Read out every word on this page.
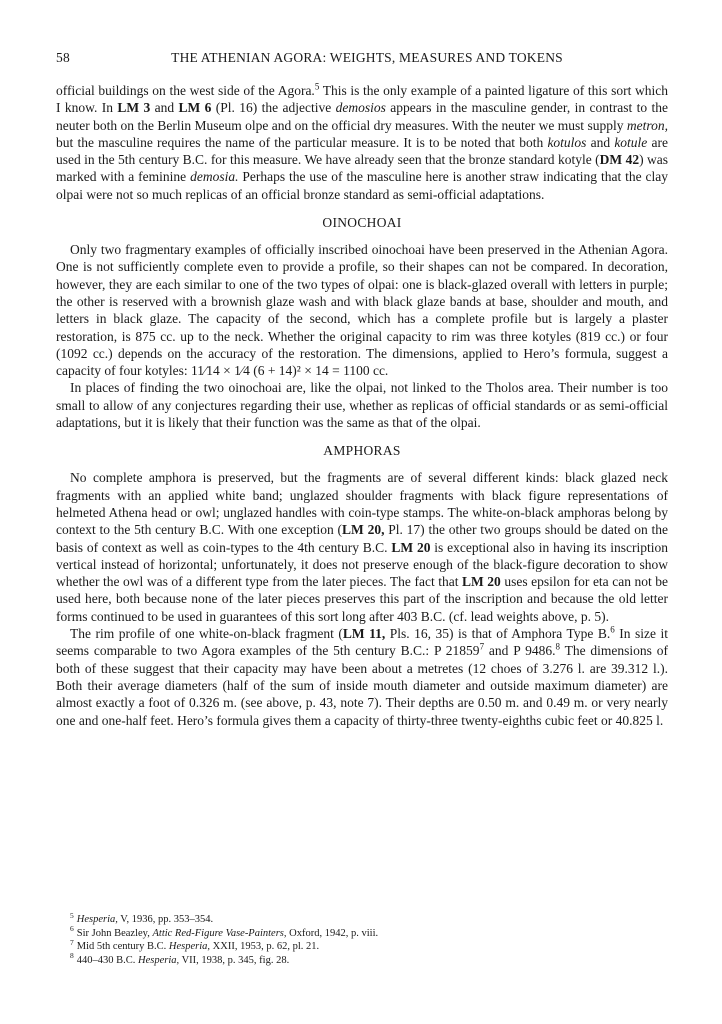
58	THE ATHENIAN AGORA: WEIGHTS, MEASURES AND TOKENS

official buildings on the west side of the Agora.$^5$ This is the only example of a painted ligature of this sort which I know. In LM 3 and LM 6 (Pl. 16) the adjective demosios appears in the masculine gender, in contrast to the neuter both on the Berlin Museum olpe and on the official dry measures. With the neuter we must supply metron, but the masculine requires the name of the particular measure. It is to be noted that both kotulos and kotule are used in the 5th century B.C. for this measure. We have already seen that the bronze standard kotyle (DM 42) was marked with a feminine demosia. Perhaps the use of the masculine here is another straw indicating that the clay olpai were not so much replicas of an official bronze standard as semi-official adaptations.

OINOCHOAI

Only two fragmentary examples of officially inscribed oinochoai have been preserved in the Athenian Agora. One is not sufficiently complete even to provide a profile, so their shapes can not be compared. In decoration, however, they are each similar to one of the two types of olpai: one is black-glazed overall with letters in purple; the other is reserved with a brownish glaze wash and with black glaze bands at base, shoulder and mouth, and letters in black glaze. The capacity of the second, which has a complete profile but is largely a plaster restoration, is 875 cc. up to the neck. Whether the original capacity to rim was three kotyles (819 cc.) or four (1092 cc.) depends on the accuracy of the restoration. The dimensions, applied to Hero’s formula, suggest a capacity of four kotyles: 11⁄14 × 1⁄4 (6 + 14)² × 14 = 1100 cc.

In places of finding the two oinochoai are, like the olpai, not linked to the Tholos area. Their number is too small to allow of any conjectures regarding their use, whether as replicas of official standards or as semi-official adaptations, but it is likely that their function was the same as that of the olpai.

AMPHORAS

No complete amphora is preserved, but the fragments are of several different kinds: black glazed neck fragments with an applied white band; unglazed shoulder fragments with black figure representations of helmeted Athena head or owl; unglazed handles with coin-type stamps. The white-on-black amphoras belong by context to the 5th century B.C. With one exception (LM 20, Pl. 17) the other two groups should be dated on the basis of context as well as coin-types to the 4th century B.C. LM 20 is exceptional also in having its inscription vertical instead of horizontal; unfortunately, it does not preserve enough of the black-figure decoration to show whether the owl was of a different type from the later pieces. The fact that LM 20 uses epsilon for eta can not be used here, both because none of the later pieces preserves this part of the inscription and because the old letter forms continued to be used in guarantees of this sort long after 403 B.C. (cf. lead weights above, p. 5).

The rim profile of one white-on-black fragment (LM 11, Pls. 16, 35) is that of Amphora Type B.$^6$ In size it seems comparable to two Agora examples of the 5th century B.C.: P 21859$^7$ and P 9486.$^8$ The dimensions of both of these suggest that their capacity may have been about a metretes (12 choes of 3.276 l. are 39.312 l.). Both their average diameters (half of the sum of inside mouth diameter and outside maximum diameter) are almost exactly a foot of 0.326 m. (see above, p. 43, note 7). Their depths are 0.50 m. and 0.49 m. or very nearly one and one-half feet. Hero’s formula gives them a capacity of thirty-three twenty-eighths cubic feet or 40.825 l.

$^5$ Hesperia, V, 1936, pp. 353–354.

$^6$ Sir John Beazley, Attic Red-Figure Vase-Painters, Oxford, 1942, p. viii.

$^7$ Mid 5th century B.C. Hesperia, XXII, 1953, p. 62, pl. 21.

$^8$ 440–430 B.C. Hesperia, VII, 1938, p. 345, fig. 28.
